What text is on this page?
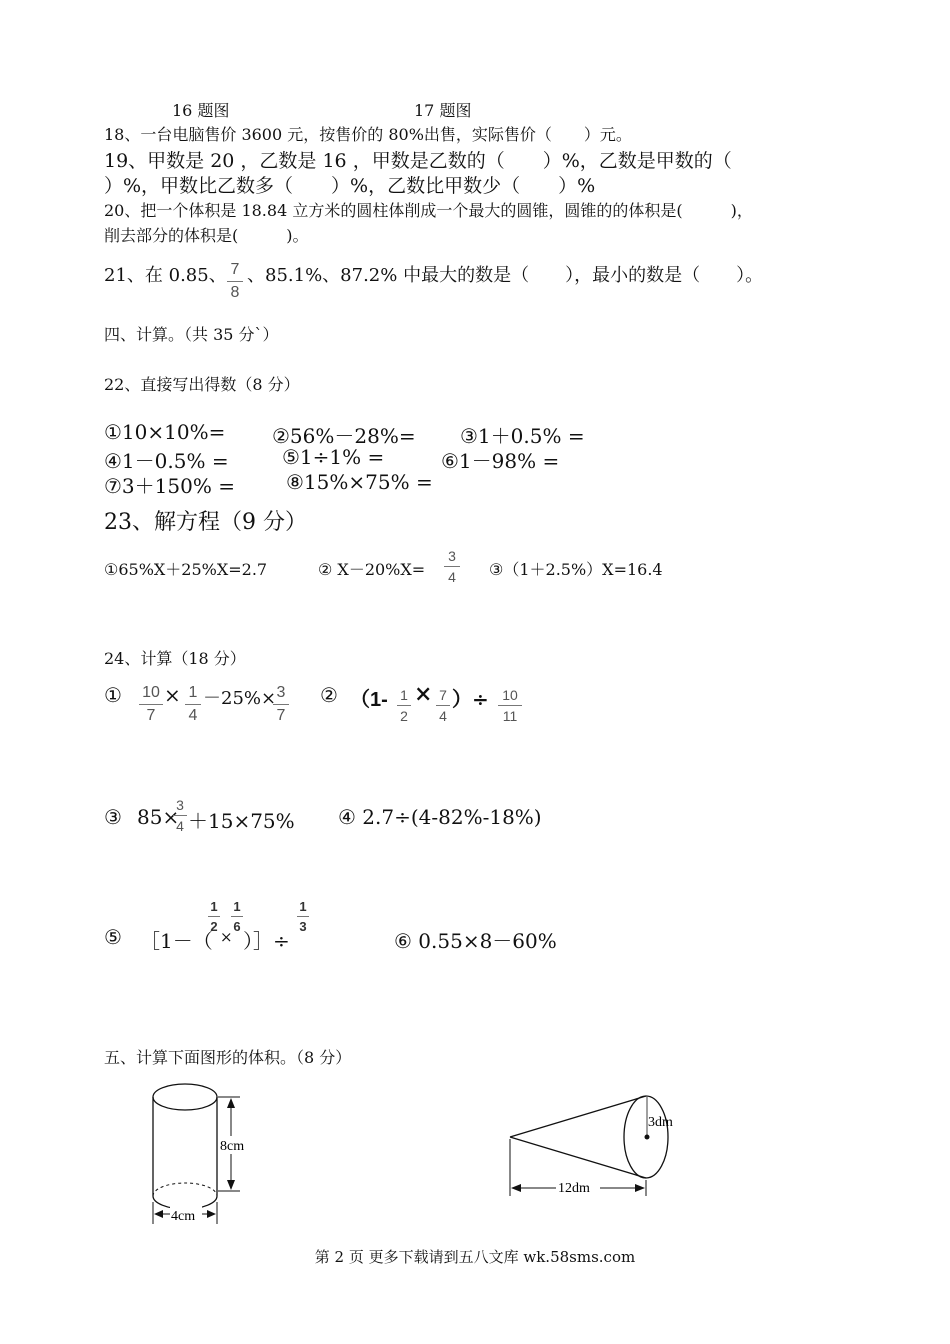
16 题图	17 题图
18、一台电脑售价 3600 元，按售价的 80%出售，实际售价（　　）元。
19、甲数是 20 ，乙数是 16 ，甲数是乙数的（　　）%，乙数是甲数的（
）%，甲数比乙数多（　　）%，乙数比甲数少（　　）%
20、把一个体积是 18.84 立方米的圆柱体削成一个最大的圆锥，圆锥的的体积是(　　　)，
削去部分的体积是(　　　)。
21、在 0.85、 7
8
、85.1%、87.2% 中最大的数是（　　），最小的数是（　　）。
四、计算。（共 35 分`）
22、直接写出得数（8 分）
①10×10%= ②56%－28%= ③1＋0.5% =
④1－0.5% =	⑤1÷1% =	⑥1－98% =
⑦3＋150% =	⑧15%×75% =
23、解方程（9 分）
①65%X＋25%X=2.7	② X－20%X=
3
4 ③（1＋2.5%）X=16.4
24、计算（18 分）
① 10
7
× 1
4
－25%× 3
7
② （1- 1
2
× 7
4
）÷ 10
11
③ 85×
3
4 ＋15×75% ④ 2.7÷(4-82%-18%)
⑤ ［1－（
1
2
×
1
6
）］÷
1
3
⑥ 0.55×8－60%
五、计算下面图形的体积。（8 分）
8cm
4cm
3dm
12dm
第 2 页 更多下载请到五八文库 wk.58sms.com
